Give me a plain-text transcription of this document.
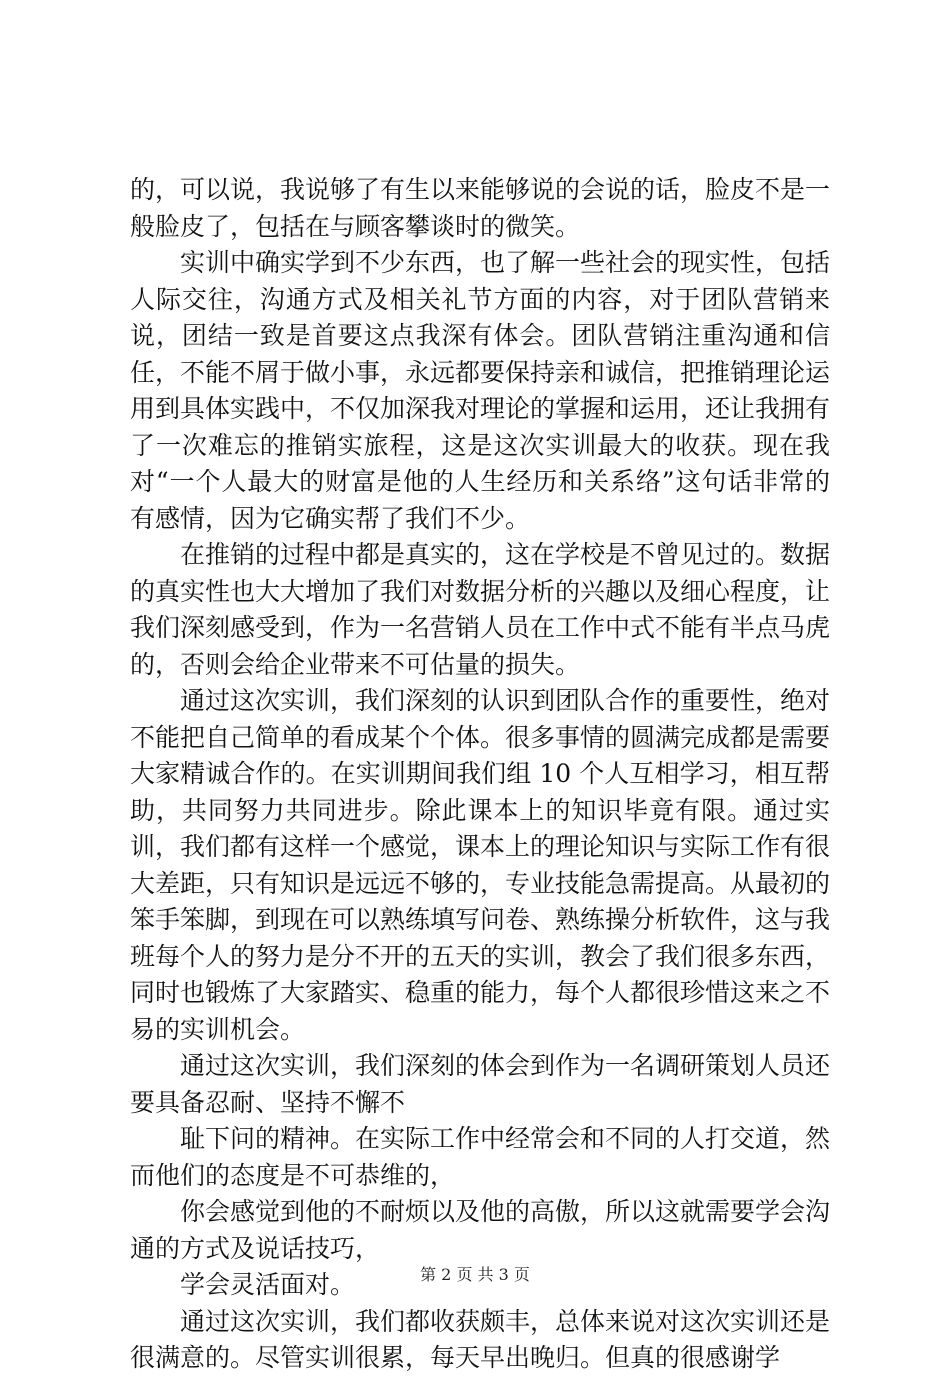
的，可以说，我说够了有生以来能够说的会说的话，脸皮不是一般脸皮了，包括在与顾客攀谈时的微笑。

实训中确实学到不少东西，也了解一些社会的现实性，包括人际交往，沟通方式及相关礼节方面的内容，对于团队营销来说，团结一致是首要这点我深有体会。团队营销注重沟通和信任，不能不屑于做小事，永远都要保持亲和诚信，把推销理论运用到具体实践中，不仅加深我对理论的掌握和运用，还让我拥有了一次难忘的推销实旅程，这是这次实训最大的收获。现在我对“一个人最大的财富是他的人生经历和关系络”这句话非常的有感情，因为它确实帮了我们不少。

在推销的过程中都是真实的，这在学校是不曾见过的。数据的真实性也大大增加了我们对数据分析的兴趣以及细心程度，让我们深刻感受到，作为一名营销人员在工作中式不能有半点马虎的，否则会给企业带来不可估量的损失。

通过这次实训，我们深刻的认识到团队合作的重要性，绝对不能把自己简单的看成某个个体。很多事情的圆满完成都是需要大家精诚合作的。在实训期间我们组 10 个人互相学习，相互帮助，共同努力共同进步。除此课本上的知识毕竟有限。通过实训，我们都有这样一个感觉，课本上的理论知识与实际工作有很大差距，只有知识是远远不够的，专业技能急需提高。从最初的笨手笨脚，到现在可以熟练填写问卷、熟练操分析软件，这与我班每个人的努力是分不开的五天的实训，教会了我们很多东西，同时也锻炼了大家踏实、稳重的能力，每个人都很珍惜这来之不易的实训机会。

通过这次实训，我们深刻的体会到作为一名调研策划人员还要具备忍耐、坚持不懈不

耻下问的精神。在实际工作中经常会和不同的人打交道，然而他们的态度是不可恭维的，

你会感觉到他的不耐烦以及他的高傲，所以这就需要学会沟通的方式及说话技巧，

学会灵活面对。

通过这次实训，我们都收获颇丰，总体来说对这次实训还是很满意的。尽管实训很累，每天早出晚归。但真的很感谢学

第 2 页 共 3 页
